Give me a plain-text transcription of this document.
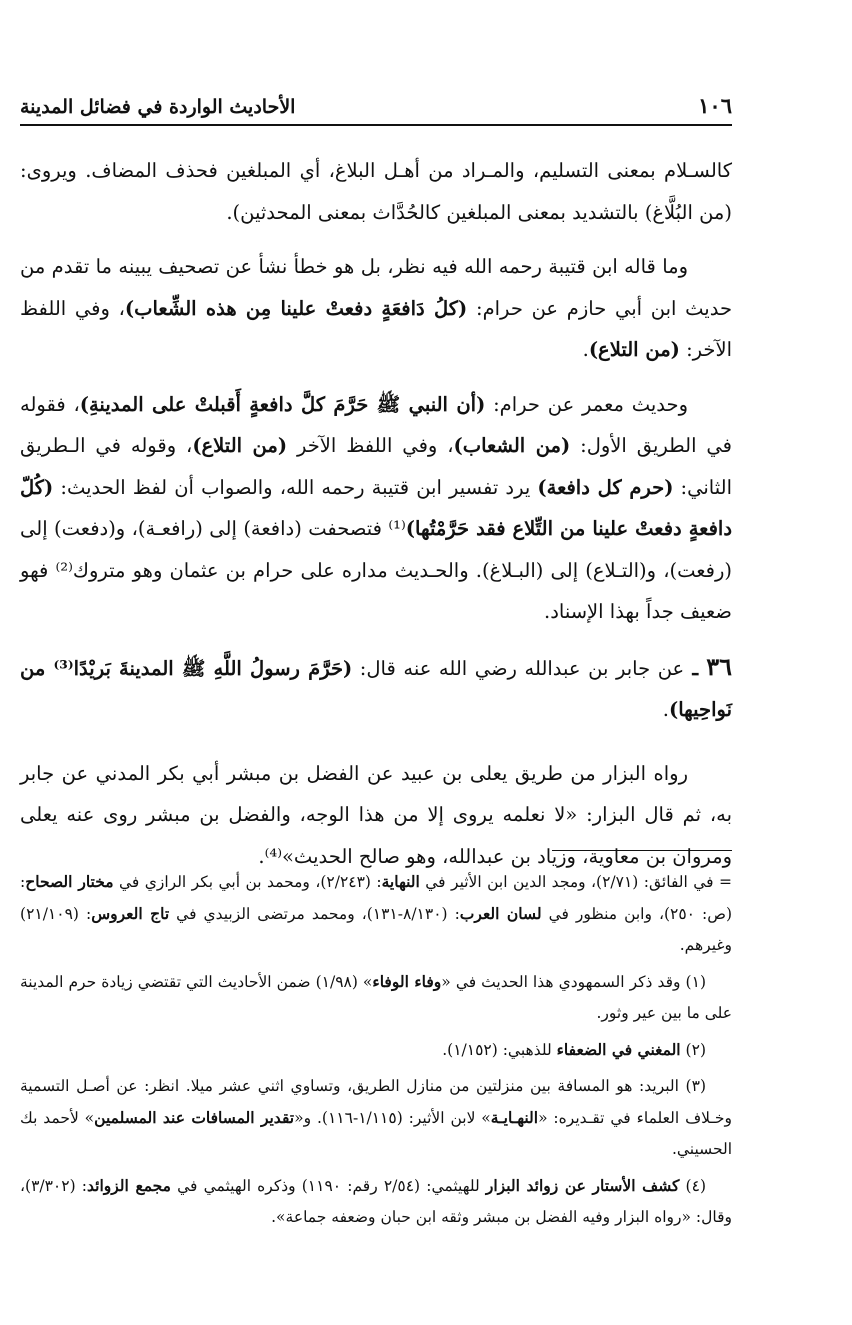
١٠٦
الأحاديث الواردة في فضائل المدينة

كالسـلام بمعنى التسليم، والمـراد من أهـل البلاغ، أي المبلغين فحذف المضاف. ويروى: (من البُلَّاغ) بالتشديد بمعنى المبلغين كالحُدَّاث بمعنى المحدثين).

وما قاله ابن قتيبة رحمه الله فيه نظر، بل هو خطأ نشأ عن تصحيف يبينه ما تقدم من حديث ابن أبي حازم عن حرام: (كلُ دَافعَةٍ دفعتْ علينا مِن هذه الشِّعاب)، وفي اللفظ الآخر: (من التلاع).

وحديث معمر عن حرام: (أن النبي ﷺ حَرَّمَ كلَّ دافعةٍ أَقبلتْ على المدينةِ)، فقوله في الطريق الأول: (من الشعاب)، وفي اللفظ الآخر (من التلاع)، وقوله في الـطريق الثاني: (حرم كل دافعة) يرد تفسير ابن قتيبة رحمه الله، والصواب أن لفظ الحديث: (كُلّ دافعةٍ دفعتْ علينا من التِّلاع فقد حَرَّمْتُها)⁽¹⁾ فتصحفت (دافعة) إلى (رافعـة)، و(دفعت) إلى (رفعت)، و(التـلاع) إلى (البـلاغ). والحـديث مداره على حرام بن عثمان وهو متروك⁽²⁾ فهو ضعيف جداً بهذا الإسناد.

٣٦ ـ عن جابر بن عبدالله رضي الله عنه قال: (حَرَّمَ رسولُ اللَّهِ ﷺ المدينةَ بَريْدًا⁽³⁾ من نَواحِيها).

رواه البزار من طريق يعلى بن عبيد عن الفضل بن مبشر أبي بكر المدني عن جابر به، ثم قال البزار: «لا نعلمه يروى إلا من هذا الوجه، والفضل بن مبشر روى عنه يعلى ومروان بن معاوية، وزياد بن عبدالله، وهو صالح الحديث»⁽⁴⁾.

= في الفائق: (٢/٧١)، ومجد الدين ابن الأثير في النهاية: (٢/٢٤٣)، ومحمد بن أبي بكر الرازي في مختار الصحاح: (ص: ٢٥٠)، وابن منظور في لسان العرب: (٨/١٣٠-١٣١)، ومحمد مرتضى الزبيدي في تاج العروس: (٢١/١٠٩) وغيرهم.

(١) وقد ذكر السمهودي هذا الحديث في «وفاء الوفاء» (١/٩٨) ضمن الأحاديث التي تقتضي زيادة حرم المدينة على ما بين عير وثور.

(٢) المغني في الضعفاء للذهبي: (١/١٥٢).

(٣) البريد: هو المسافة بين منزلتين من منازل الطريق، وتساوي اثني عشر ميلا. انظر: عن أصـل التسمية وخـلاف العلماء في تقـديره: «النهـايـة» لابن الأثير: (١/١١٥-١١٦). و«تقدير المسافات عند المسلمين» لأحمد بك الحسيني.

(٤) كشف الأستار عن زوائد البزار للهيثمي: (٢/٥٤ رقم: ١١٩٠) وذكره الهيثمي في مجمع الزوائد: (٣/٣٠٢)، وقال: «رواه البزار وفيه الفضل بن مبشر وثقه ابن حبان وضعفه جماعة».
